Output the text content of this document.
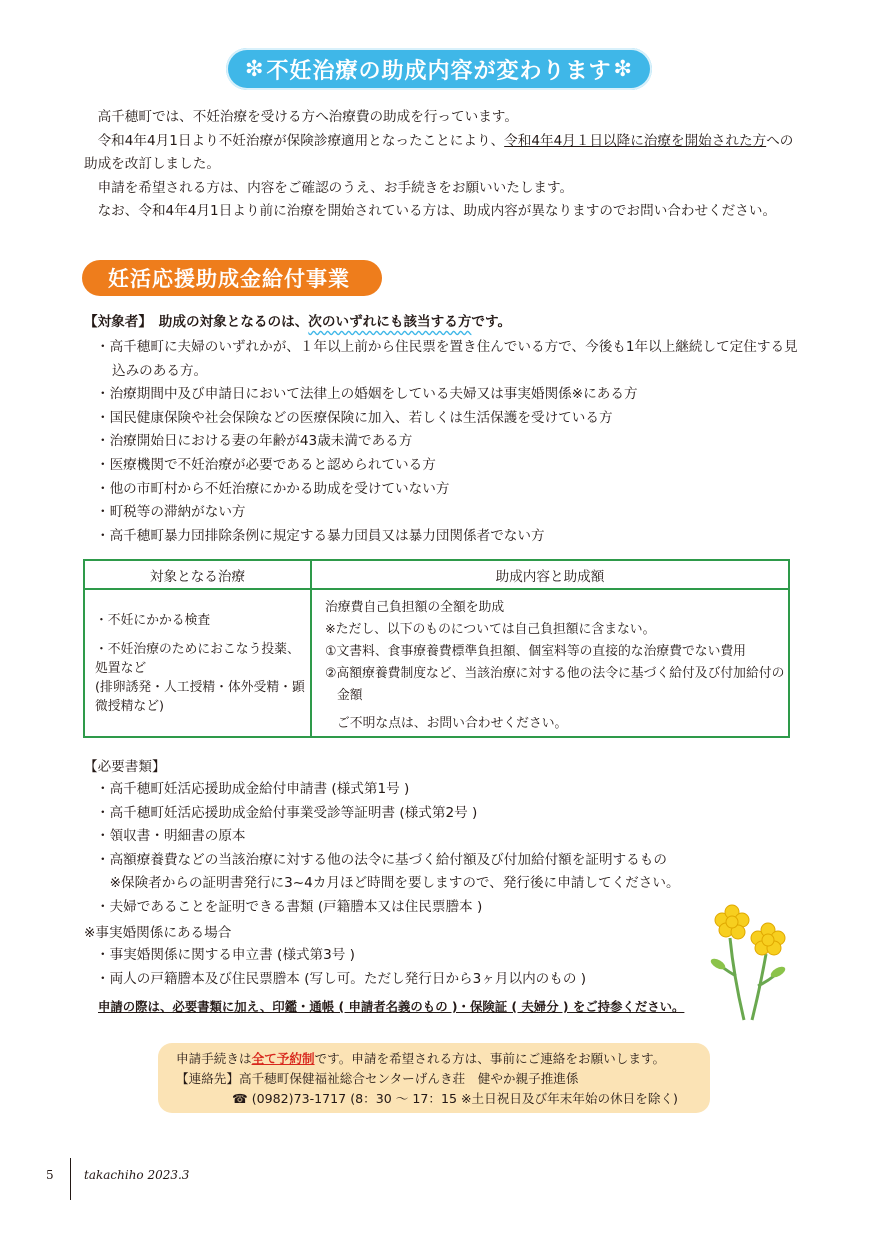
❇ 不妊治療の助成内容が変わります ❇

高千穂町では、不妊治療を受ける方へ治療費の助成を行っています。

令和4年4月1日より不妊治療が保険診療適用となったことにより、令和4年4月１日以降に治療を開始された方への助成を改訂しました。

申請を希望される方は、内容をご確認のうえ、お手続きをお願いいたします。

なお、令和4年4月1日より前に治療を開始されている方は、助成内容が異なりますのでお問い合わせください。

妊活応援助成金給付事業
【対象者】　 助成の対象となるのは、次のいずれにも該当する方です。
・高千穂町に夫婦のいずれかが、１年以上前から住民票を置き住んでいる方で、今後も1年以上継続して定住する見込みのある方。
・治療期間中及び申請日において法律上の婚姻をしている夫婦又は事実婚関係※にある方
・国民健康保険や社会保険などの医療保険に加入、若しくは生活保護を受けている方
・治療開始日における妻の年齢が43歳未満である方
・医療機関で不妊治療が必要であると認められている方
・他の市町村から不妊治療にかかる助成を受けていない方
・町税等の滞納がない方
・高千穂町暴力団排除条例に規定する暴力団員又は暴力団関係者でない方
対象となる治療	助成内容と助成額
・不妊にかかる検査
・不妊治療のためにおこなう投薬、処置など
(排卵誘発・人工授精・体外受精・顕微授精など)
治療費自己負担額の全額を助成
※ただし、以下のものについては自己負担額に含まない。
①文書料、食事療養費標準負担額、個室料等の直接的な治療費でない費用
②高額療養費制度など、当該治療に対する他の法令に基づく給付及び付加給付の金額
ご不明な点は、お問い合わせください。
【必要書類】
・高千穂町妊活応援助成金給付申請書 (様式第1号 )
・高千穂町妊活応援助成金給付事業受診等証明書 (様式第2号 )
・領収書・明細書の原本
・高額療養費などの当該治療に対する他の法令に基づく給付額及び付加給付額を証明するもの
　※保険者からの証明書発行に3~4カ月ほど時間を要しますので、発行後に申請してください。
・夫婦であることを証明できる書類 (戸籍謄本又は住民票謄本 )
※事実婚関係にある場合
・事実婚関係に関する申立書 (様式第3号 )
・両人の戸籍謄本及び住民票謄本 (写し可。ただし発行日から3ヶ月以内のもの )
申請の際は、必要書類に加え、印鑑・通帳 ( 申請者名義のもの )・保険証 ( 夫婦分 ) をご持参ください。
申請手続きは全て予約制です。申請を希望される方は、事前にご連絡をお願いします。
【連絡先】高千穂町保健福祉総合センターげんき荘　健やか親子推進係
☎ (0982)73-1717 (8：30 ～ 17：15 ※土日祝日及び年末年始の休日を除く)
5	takachiho 2023.3
